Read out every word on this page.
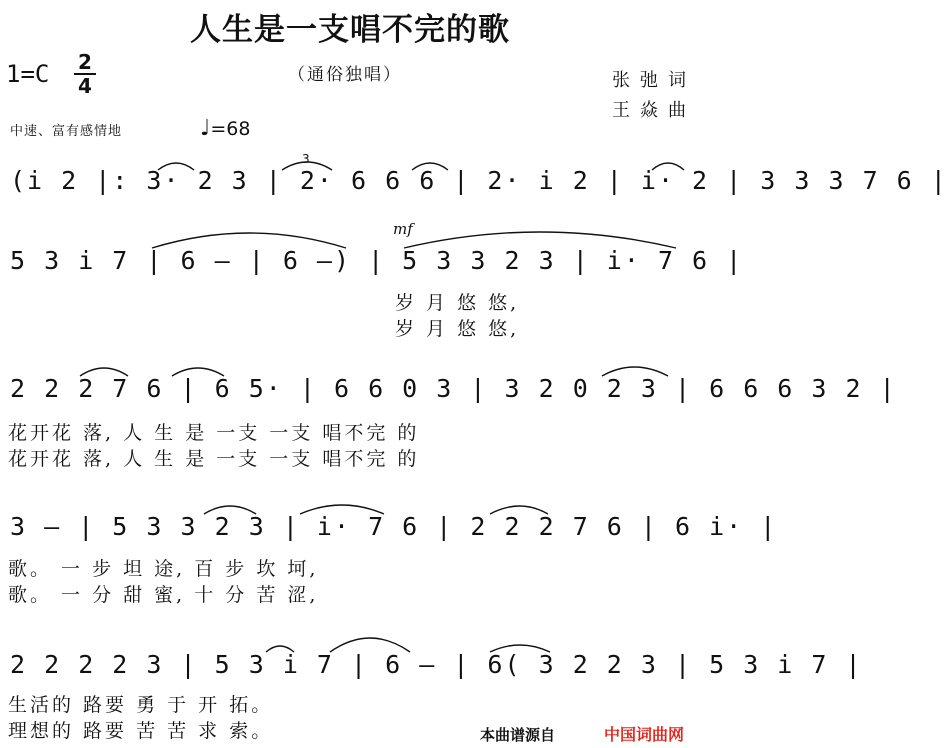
人生是一支唱不完的歌
1=C 2
4	（通俗独唱）	张弛词
王焱曲
中速、富有感情地	♩=68
(i 2 |: 3· 2 3 | 2· 6 6 6 | 2· i 2 | i· 2 | 3 3 3 7 6 |
3
5 3 i 7 | 6 — | 6 —) | 5 3 3 2 3 | i· 7 6 |
mf
岁 月 悠 悠,
岁 月 悠 悠,
2 2 2 7 6 | 6 5· | 6 6 0 3 | 3 2 0 2 3 | 6 6 6 3 2 |
花开花 落, 人 生 是 一支 一支 唱不完 的
花开花 落, 人 生 是 一支 一支 唱不完 的
3 — | 5 3 3 2 3 | i· 7 6 | 2 2 2 7 6 | 6 i· |
歌。 一 步 坦 途, 百 步 坎 坷,
歌。 一 分 甜 蜜, 十 分 苦 涩,
2 2 2 2 3 | 5 3 i 7 | 6 — | 6( 3 2 2 3 | 5 3 i 7 |
生活的 路要 勇 于 开 拓。
理想的 路要 苦 苦 求 索。	本曲谱源自	中国词曲网
